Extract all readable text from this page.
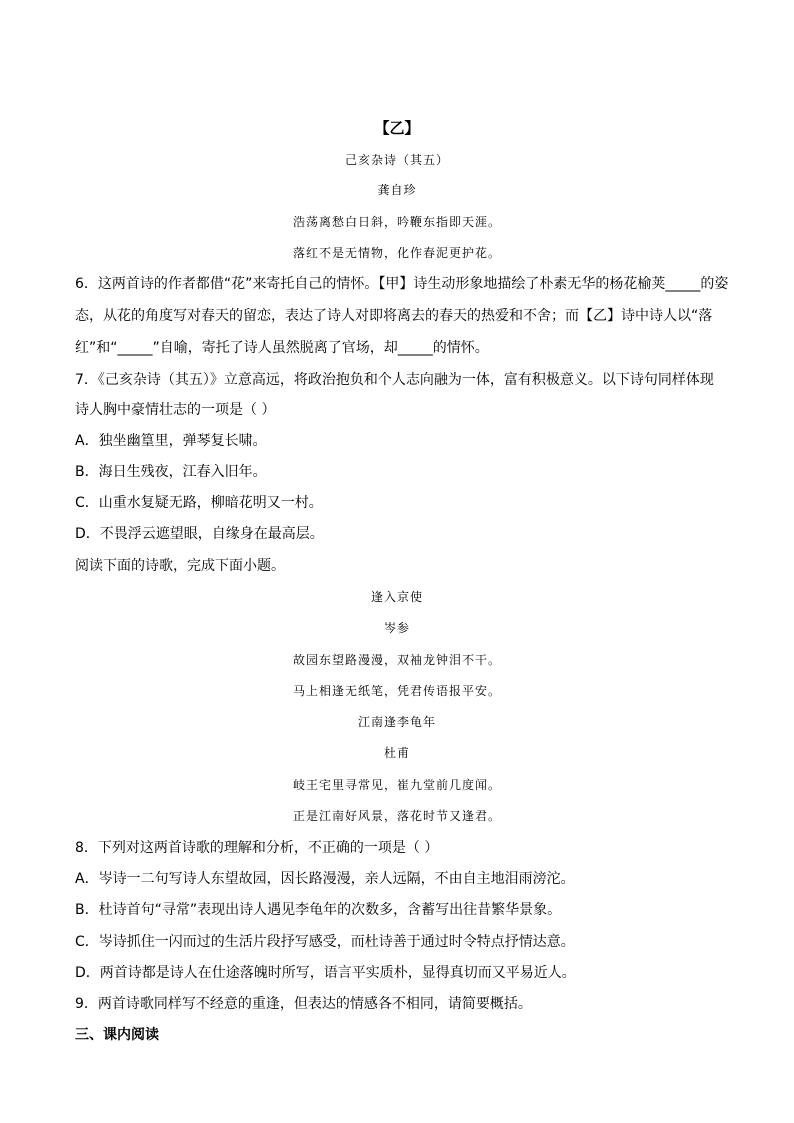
【乙】
己亥杂诗（其五）
龚自珍
浩荡离愁白日斜，吟鞭东指即天涯。
落红不是无情物，化作春泥更护花。
6．这两首诗的作者都借“花”来寄托自己的情怀。【甲】诗生动形象地描绘了朴素无华的杨花榆荚_____的姿
态，从花的角度写对春天的留恋，表达了诗人对即将离去的春天的热爱和不舍；而【乙】诗中诗人以“落
红”和“_____”自喻，寄托了诗人虽然脱离了官场，却_____的情怀。
7．《己亥杂诗（其五）》立意高远，将政治抱负和个人志向融为一体，富有积极意义。以下诗句同样体现
诗人胸中豪情壮志的一项是（ ）
A．独坐幽篁里，弹琴复长啸。
B．海日生残夜，江春入旧年。
C．山重水复疑无路，柳暗花明又一村。
D．不畏浮云遮望眼，自缘身在最高层。
阅读下面的诗歌，完成下面小题。
逢入京使
岑参
故园东望路漫漫，双袖龙钟泪不干。
马上相逢无纸笔，凭君传语报平安。
江南逢李龟年
杜甫
岐王宅里寻常见，崔九堂前几度闻。
正是江南好风景，落花时节又逢君。
8．下列对这两首诗歌的理解和分析，不正确的一项是（ ）
A．岑诗一二句写诗人东望故园，因长路漫漫，亲人远隔，不由自主地泪雨滂沱。
B．杜诗首句“寻常”表现出诗人遇见李龟年的次数多，含蓄写出往昔繁华景象。
C．岑诗抓住一闪而过的生活片段抒写感受，而杜诗善于通过时令特点抒情达意。
D．两首诗都是诗人在仕途落魄时所写，语言平实质朴，显得真切而又平易近人。
9．两首诗歌同样写不经意的重逢，但表达的情感各不相同，请简要概括。
三、课内阅读
